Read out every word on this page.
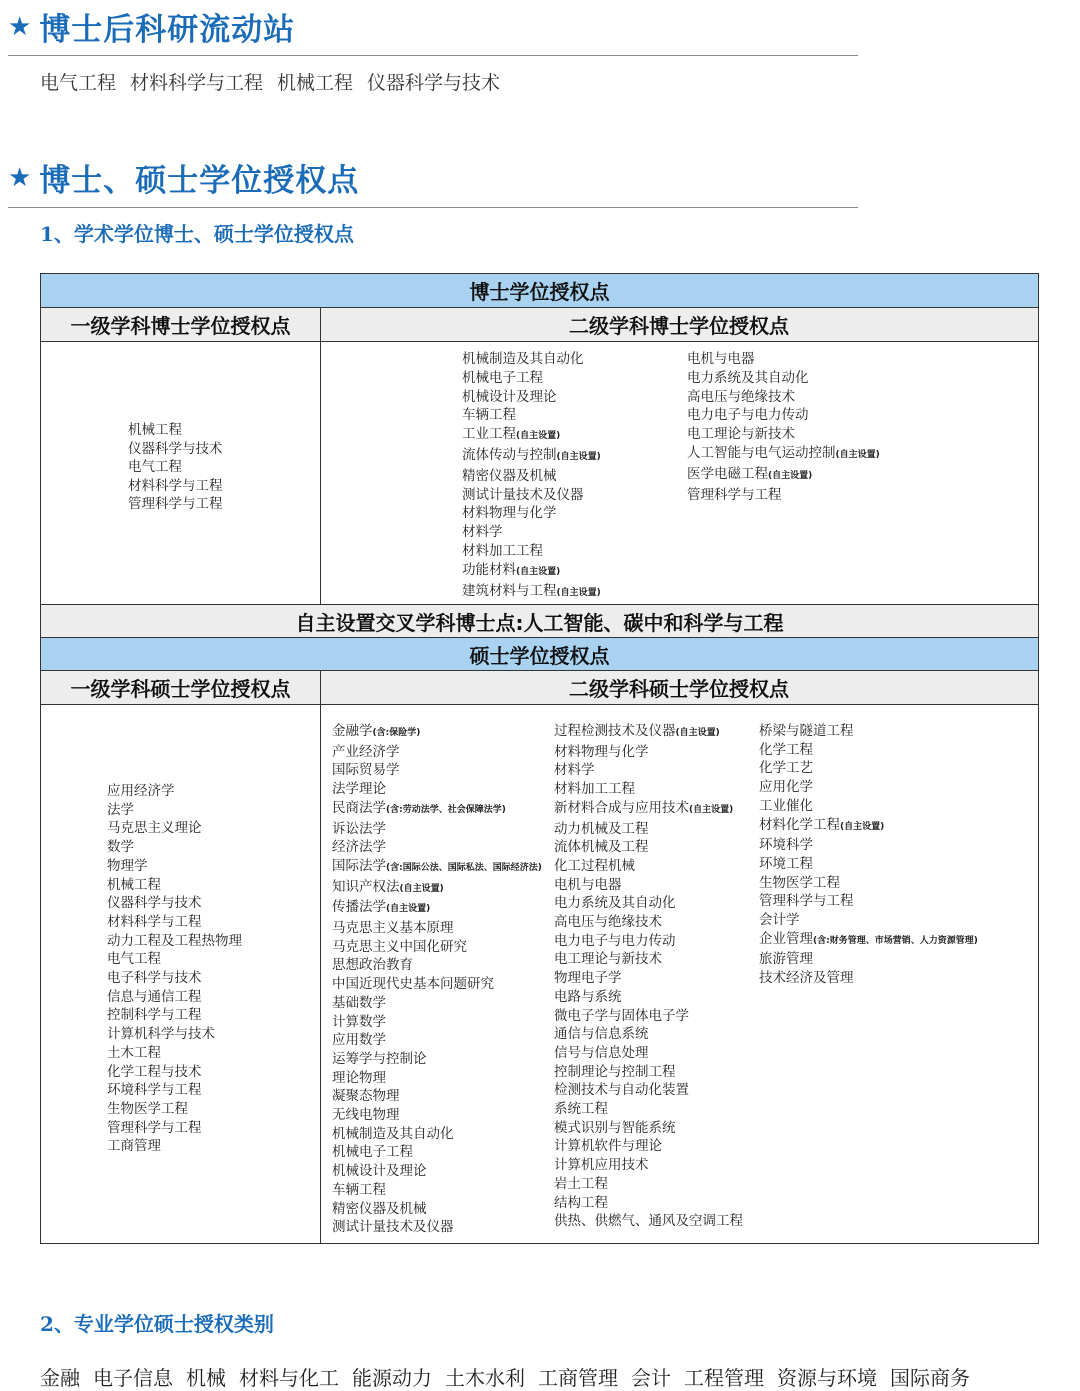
★ 博士后科研流动站
电气工程 材料科学与工程 机械工程 仪器科学与技术
★ 博士、硕士学位授权点
1、学术学位博士、硕士学位授权点
博士学位授权点
一级学科博士学位授权点	二级学科博士学位授权点
机械工程
仪器科学与技术
电气工程
材料科学与工程
管理科学与工程
机械制造及其自动化
机械电子工程
机械设计及理论
车辆工程
工业工程(自主设置)
流体传动与控制(自主设置)
精密仪器及机械
测试计量技术及仪器
材料物理与化学
材料学
材料加工工程
功能材料(自主设置)
建筑材料与工程(自主设置)
电机与电器
电力系统及其自动化
高电压与绝缘技术
电力电子与电力传动
电工理论与新技术
人工智能与电气运动控制(自主设置)
医学电磁工程(自主设置)
管理科学与工程
自主设置交叉学科博士点:人工智能、碳中和科学与工程
硕士学位授权点
一级学科硕士学位授权点	二级学科硕士学位授权点
应用经济学
法学
马克思主义理论
数学
物理学
机械工程
仪器科学与技术
材料科学与工程
动力工程及工程热物理
电气工程
电子科学与技术
信息与通信工程
控制科学与工程
计算机科学与技术
土木工程
化学工程与技术
环境科学与工程
生物医学工程
管理科学与工程
工商管理
金融学(含:保险学)
产业经济学
国际贸易学
法学理论
民商法学(含:劳动法学、社会保障法学)
诉讼法学
经济法学
国际法学(含:国际公法、国际私法、国际经济法)
知识产权法(自主设置)
传播法学(自主设置)
马克思主义基本原理
马克思主义中国化研究
思想政治教育
中国近现代史基本问题研究
基础数学
计算数学
应用数学
运筹学与控制论
理论物理
凝聚态物理
无线电物理
机械制造及其自动化
机械电子工程
机械设计及理论
车辆工程
精密仪器及机械
测试计量技术及仪器
过程检测技术及仪器(自主设置)
材料物理与化学
材料学
材料加工工程
新材料合成与应用技术(自主设置)
动力机械及工程
流体机械及工程
化工过程机械
电机与电器
电力系统及其自动化
高电压与绝缘技术
电力电子与电力传动
电工理论与新技术
物理电子学
电路与系统
微电子学与固体电子学
通信与信息系统
信号与信息处理
控制理论与控制工程
检测技术与自动化装置
系统工程
模式识别与智能系统
计算机软件与理论
计算机应用技术
岩土工程
结构工程
供热、供燃气、通风及空调工程
桥梁与隧道工程
化学工程
化学工艺
应用化学
工业催化
材料化学工程(自主设置)
环境科学
环境工程
生物医学工程
管理科学与工程
会计学
企业管理(含:财务管理、市场营销、人力资源管理)
旅游管理
技术经济及管理
2、专业学位硕士授权类别
金融 电子信息 机械 材料与化工 能源动力 土木水利 工商管理 会计 工程管理 资源与环境 国际商务
